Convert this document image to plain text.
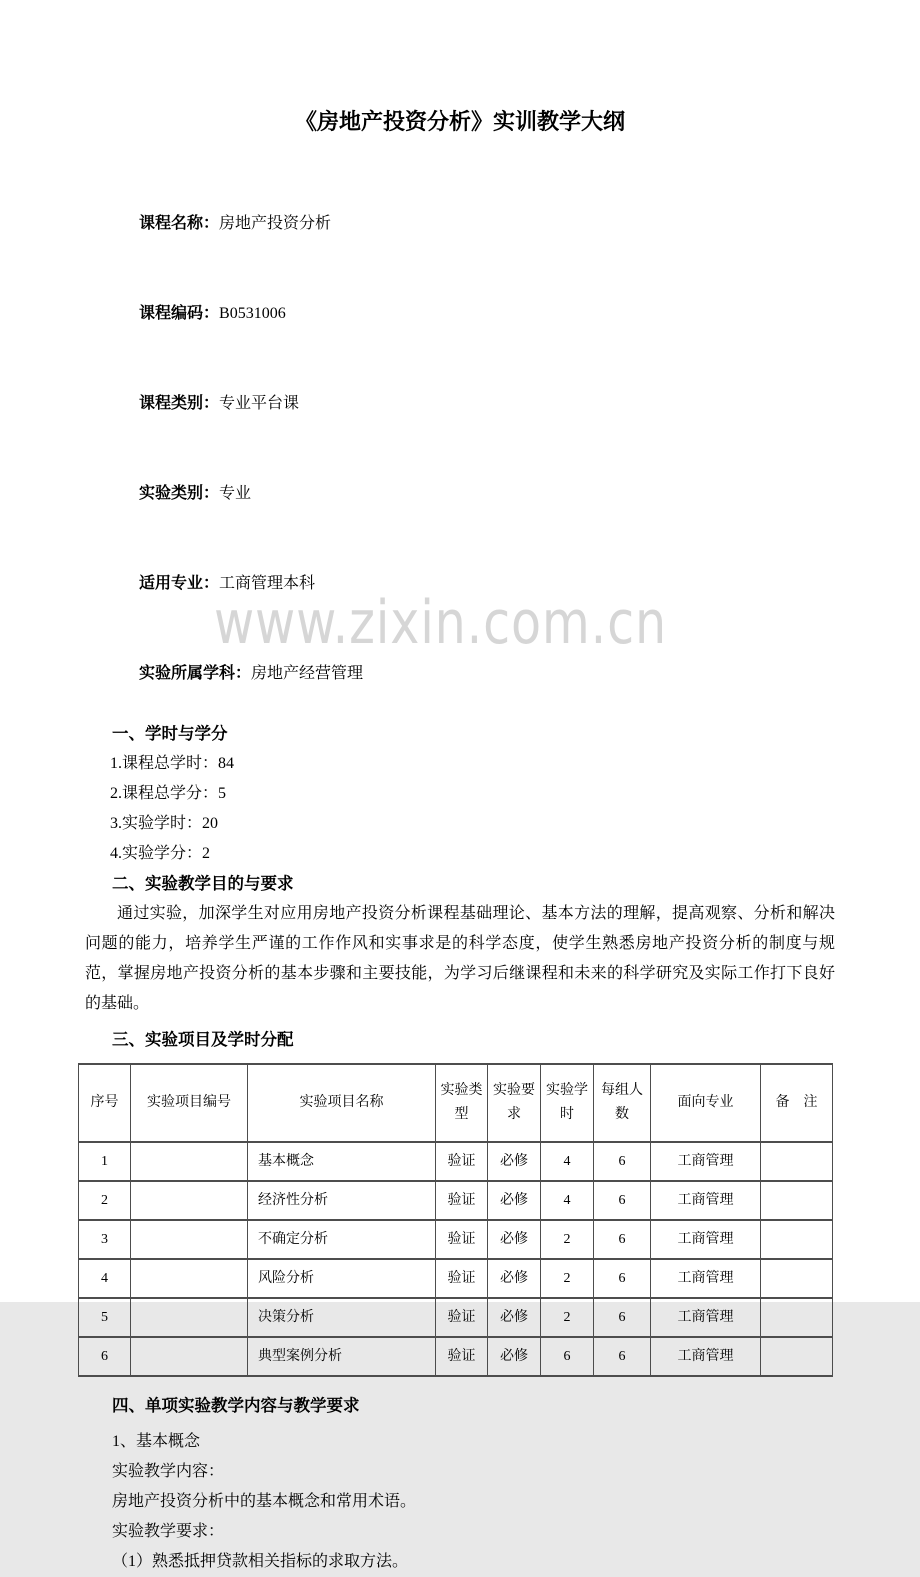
www.zixin.com.cn
《房地产投资分析》实训教学大纲

课程名称：房地产投资分析

课程编码：B0531006

课程类别：专业平台课

实验类别：专业

适用专业：工商管理本科

实验所属学科：房地产经营管理

一、学时与学分
1.课程总学时：84
2.课程总学分：5
3.实验学时：20
4.实验学分：2
二、实验教学目的与要求

通过实验，加深学生对应用房地产投资分析课程基础理论、基本方法的理解，提高观察、分析和解决问题的能力，培养学生严谨的工作作风和实事求是的科学态度，使学生熟悉房地产投资分析的制度与规范，掌握房地产投资分析的基本步骤和主要技能，为学习后继课程和未来的科学研究及实际工作打下良好的基础。

三、实验项目及学时分配
序号	实验项目编号	实验项目名称	实验类型	实验要求	实验学时	每组人数	面向专业	备　注
1		基本概念	验证	必修	4	6	工商管理	
2		经济性分析	验证	必修	4	6	工商管理	
3		不确定分析	验证	必修	2	6	工商管理	
4		风险分析	验证	必修	2	6	工商管理	
5		决策分析	验证	必修	2	6	工商管理	
6		典型案例分析	验证	必修	6	6	工商管理	
四、单项实验教学内容与教学要求
1、基本概念
实验教学内容：
房地产投资分析中的基本概念和常用术语。
实验教学要求：
（1）熟悉抵押贷款相关指标的求取方法。
